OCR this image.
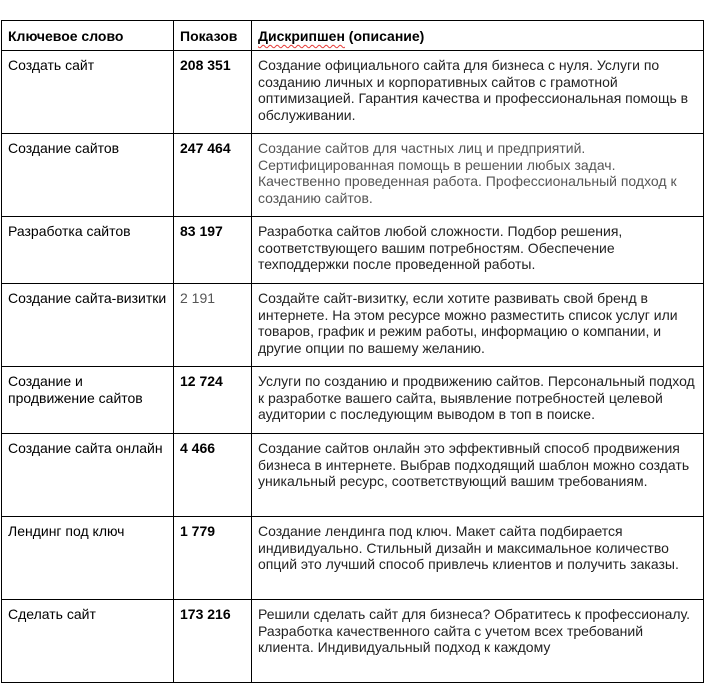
Ключевое слово	Показов	Дискрипшен (описание)
Создать сайт	208 351	Создание официального сайта для бизнеса с нуля. Услуги по созданию личных и корпоративных сайтов с грамотной оптимизацией. Гарантия качества и профессиональная помощь в обслуживании.
Создание сайтов	247 464	Создание сайтов для частных лиц и предприятий. Сертифицированная помощь в решении любых задач. Качественно проведенная работа. Профессиональный подход к созданию сайтов.
Разработка сайтов	83 197	Разработка сайтов любой сложности. Подбор решения, соответствующего вашим потребностям. Обеспечение техподдержки после проведенной работы.
Создание сайта-визитки	2 191	Создайте сайт-визитку, если хотите развивать свой бренд в интернете. На этом ресурсе можно разместить список услуг или товаров, график и режим работы, информацию о компании, и другие опции по вашему желанию.
Создание и продвижение сайтов	12 724	Услуги по созданию и продвижению сайтов. Персональный подход к разработке вашего сайта, выявление потребностей целевой аудитории с последующим выводом в топ в поиске.
Создание сайта онлайн	4 466	Создание сайтов онлайн это эффективный способ продвижения бизнеса в интернете. Выбрав подходящий шаблон можно создать уникальный ресурс, соответствующий вашим требованиям.
Лендинг под ключ	1 779	Создание лендинга под ключ. Макет сайта подбирается индивидуально. Стильный дизайн и максимальное количество опций это лучший способ привлечь клиентов и получить заказы.
Сделать сайт	173 216	Решили сделать сайт для бизнеса? Обратитесь к профессионалу. Разработка качественного сайта с учетом всех требований клиента. Индивидуальный подход к каждому
